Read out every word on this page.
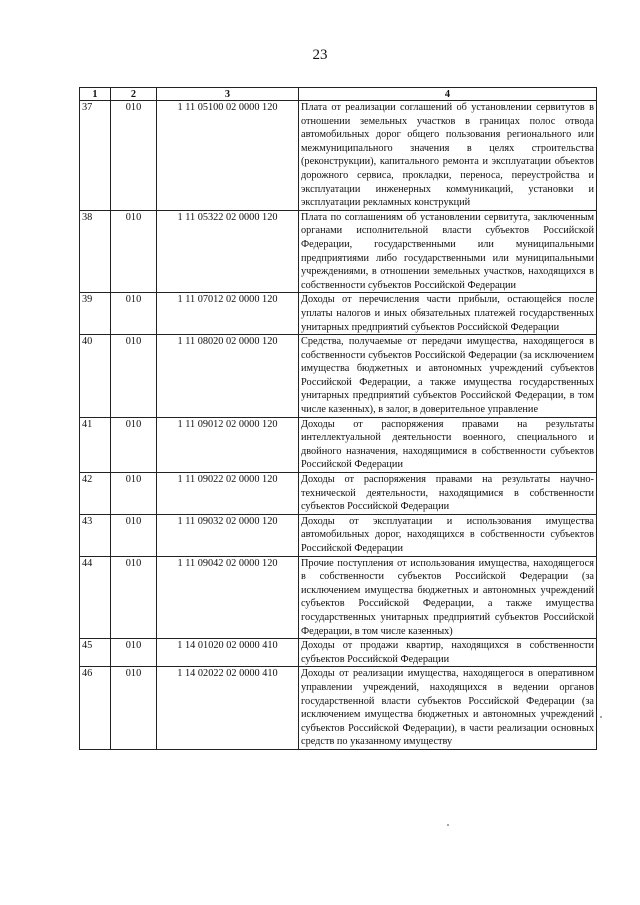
23
1	2	3	4
37	010	1 11 05100 02 0000 120	Плата от реализации соглашений об установлении сервитутов в отношении земельных участков в границах полос отвода автомобильных дорог общего пользования регионального или межмуниципального значения в целях строительства (реконструкции), капитального ремонта и эксплуатации объектов дорожного сервиса, прокладки, переноса, переустройства и эксплуатации инженерных коммуникаций, установки и эксплуатации рекламных конструкций
38	010	1 11 05322 02 0000 120	Плата по соглашениям об установлении сервитута, заключенным органами исполнительной власти субъектов Российской Федерации, государственными или муниципальными предприятиями либо государственными или муниципальными учреждениями, в отношении земельных участков, находящихся в собственности субъектов Российской Федерации
39	010	1 11 07012 02 0000 120	Доходы от перечисления части прибыли, остающейся после уплаты налогов и иных обязательных платежей государственных унитарных предприятий субъектов Российской Федерации
40	010	1 11 08020 02 0000 120	Средства, получаемые от передачи имущества, находящегося в собственности субъектов Российской Федерации (за исключением имущества бюджетных и автономных учреждений субъектов Российской Федерации, а также имущества государственных унитарных предприятий субъектов Российской Федерации, в том числе казенных), в залог, в доверительное управление
41	010	1 11 09012 02 0000 120	Доходы от распоряжения правами на результаты интеллектуальной деятельности военного, специального и двойного назначения, находящимися в собственности субъектов Российской Федерации
42	010	1 11 09022 02 0000 120	Доходы от распоряжения правами на результаты научно-технической деятельности, находящимися в собственности субъектов Российской Федерации
43	010	1 11 09032 02 0000 120	Доходы от эксплуатации и использования имущества автомобильных дорог, находящихся в собственности субъектов Российской Федерации
44	010	1 11 09042 02 0000 120	Прочие поступления от использования имущества, находящегося в собственности субъектов Российской Федерации (за исключением имущества бюджетных и автономных учреждений субъектов Российской Федерации, а также имущества государственных унитарных предприятий субъектов Российской Федерации, в том числе казенных)
45	010	1 14 01020 02 0000 410	Доходы от продажи квартир, находящихся в собственности субъектов Российской Федерации
46	010	1 14 02022 02 0000 410	Доходы от реализации имущества, находящегося в оперативном управлении учреждений, находящихся в ведении органов государственной власти субъектов Российской Федерации (за исключением имущества бюджетных и автономных учреждений субъектов Российской Федерации), в части реализации основных средств по указанному имуществу
